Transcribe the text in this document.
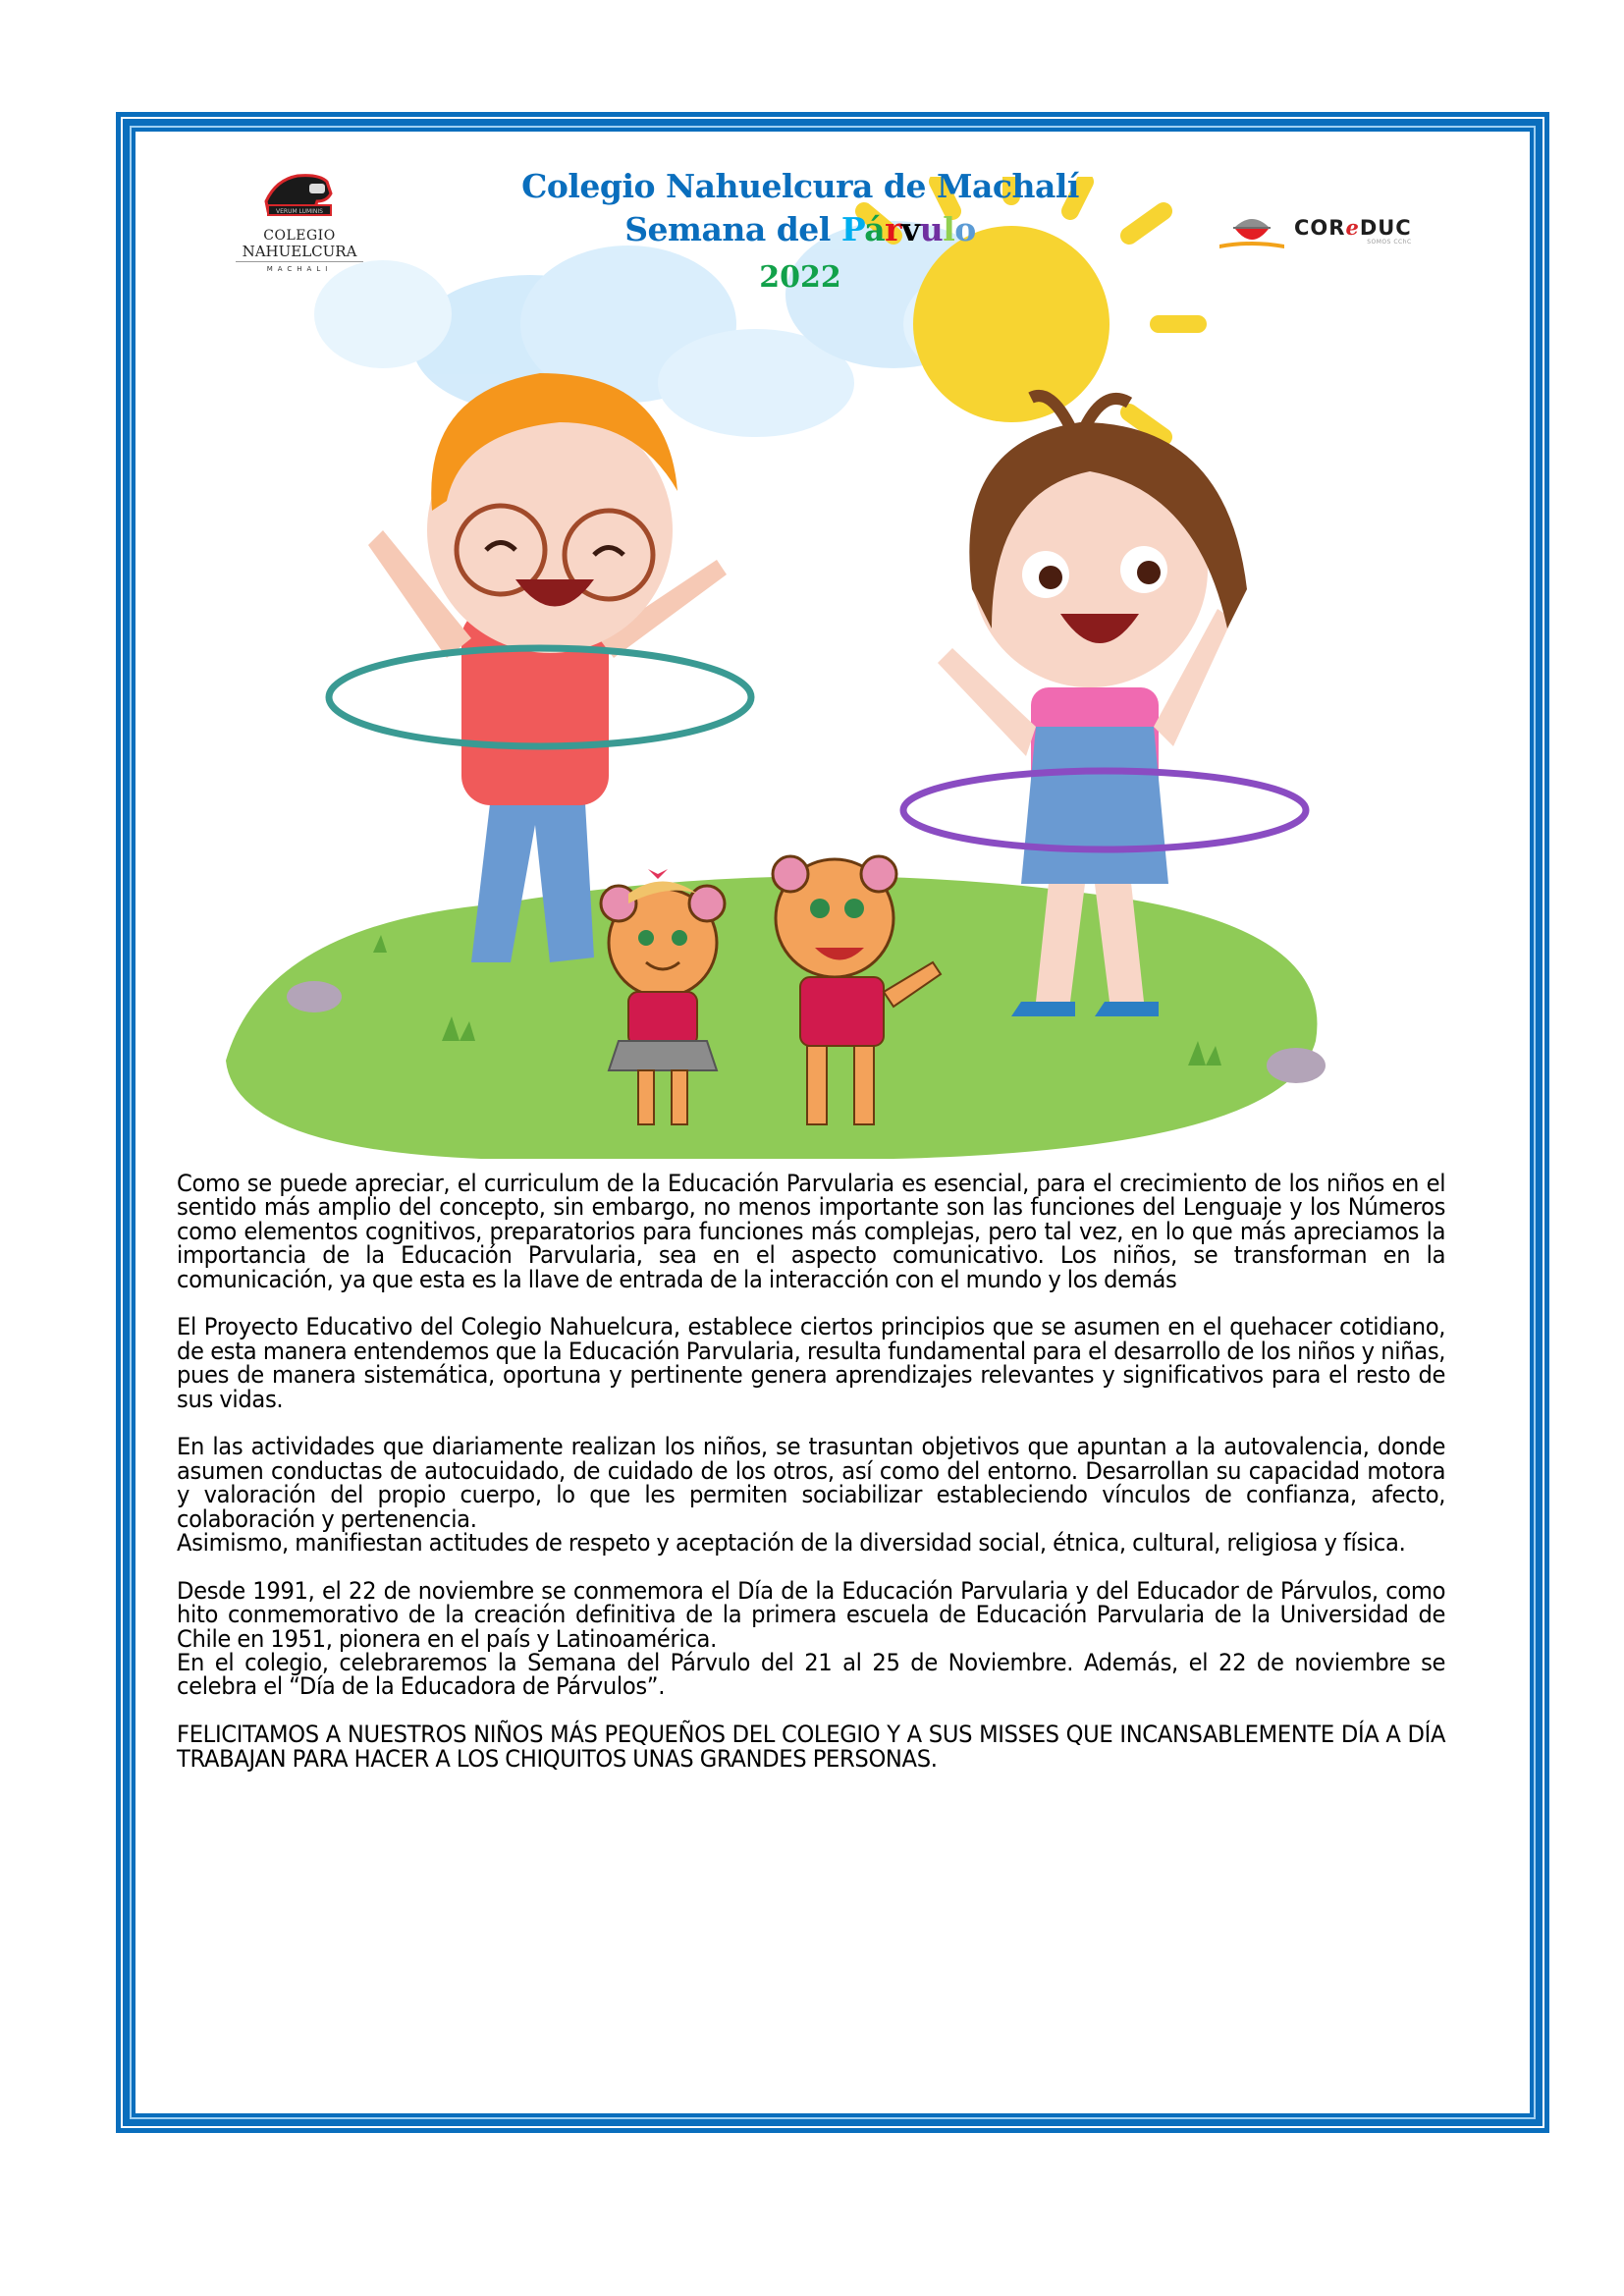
VERUM LUMINIS
COLEGIO
NAHUELCURA
MACHALI
COReDUC
SOMOS CChC
Colegio Nahuelcura de Machalí
Semana del Párvulo
2022

Como se puede apreciar, el curriculum de la Educación Parvularia es esencial, para el crecimiento de los niños en el sentido más amplio del concepto, sin embargo, no menos importante son las funciones del Lenguaje y los Números como elementos cognitivos, preparatorios para funciones más complejas, pero tal vez, en lo que más apreciamos la importancia de la Educación Parvularia, sea en el aspecto comunicativo. Los niños, se transforman en la comunicación, ya que esta es la llave de entrada de la interacción con el mundo y los demás

El Proyecto Educativo del Colegio Nahuelcura, establece ciertos principios que se asumen en el quehacer cotidiano, de esta manera entendemos que la Educación Parvularia, resulta fundamental para el desarrollo de los niños y niñas, pues de manera sistemática, oportuna y pertinente genera aprendizajes relevantes y significativos para el resto de sus vidas.

En las actividades que diariamente realizan los niños, se trasuntan objetivos que apuntan a la autovalencia, donde asumen conductas de autocuidado, de cuidado de los otros, así como del entorno. Desarrollan su capacidad motora y valoración del propio cuerpo, lo que les permiten sociabilizar estableciendo vínculos de confianza, afecto, colaboración y pertenencia.

Asimismo, manifiestan actitudes de respeto y aceptación de la diversidad social, étnica, cultural, religiosa y física.

Desde 1991, el 22 de noviembre se conmemora el Día de la Educación Parvularia y del Educador de Párvulos, como hito conmemorativo de la creación definitiva de la primera escuela de Educación Parvularia de la Universidad de Chile en 1951, pionera en el país y Latinoamérica.

En el colegio, celebraremos la Semana del Párvulo del 21 al 25 de Noviembre. Además, el 22 de noviembre se celebra el “Día de la Educadora de Párvulos”.

FELICITAMOS A NUESTROS NIÑOS MÁS PEQUEÑOS DEL COLEGIO Y A SUS MISSES QUE INCANSABLEMENTE DÍA A DÍA TRABAJAN PARA HACER A LOS CHIQUITOS UNAS GRANDES PERSONAS.
